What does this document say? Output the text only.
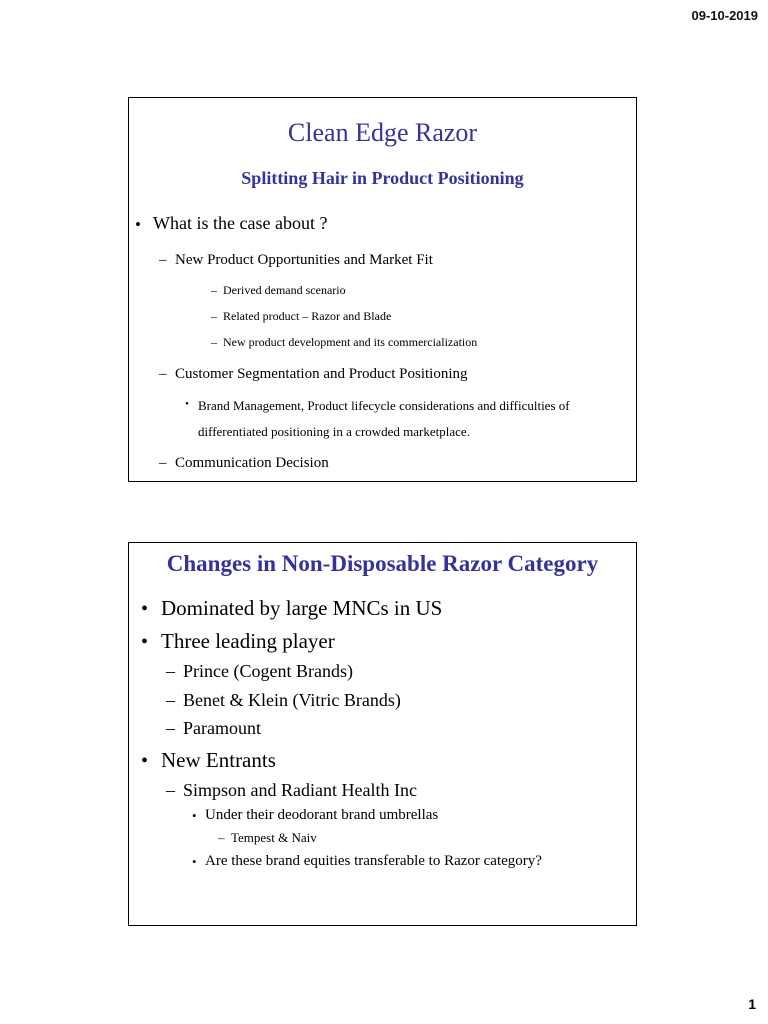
09-10-2019
Clean Edge Razor
Splitting Hair in Product Positioning
• What is the case about ?
– New Product Opportunities and Market Fit
– Derived demand scenario
– Related product – Razor and Blade
– New product development and its commercialization
– Customer Segmentation and Product Positioning
• Brand Management, Product lifecycle considerations and difficulties of
differentiated positioning in a crowded marketplace.
– Communication Decision
Changes in Non-Disposable Razor Category
• Dominated by large MNCs in US
• Three leading player
– Prince (Cogent Brands)
– Benet & Klein (Vitric Brands)
– Paramount
• New Entrants
– Simpson and Radiant Health Inc
• Under their deodorant brand umbrellas
– Tempest & Naiv
• Are these brand equities transferable to Razor category?
1
